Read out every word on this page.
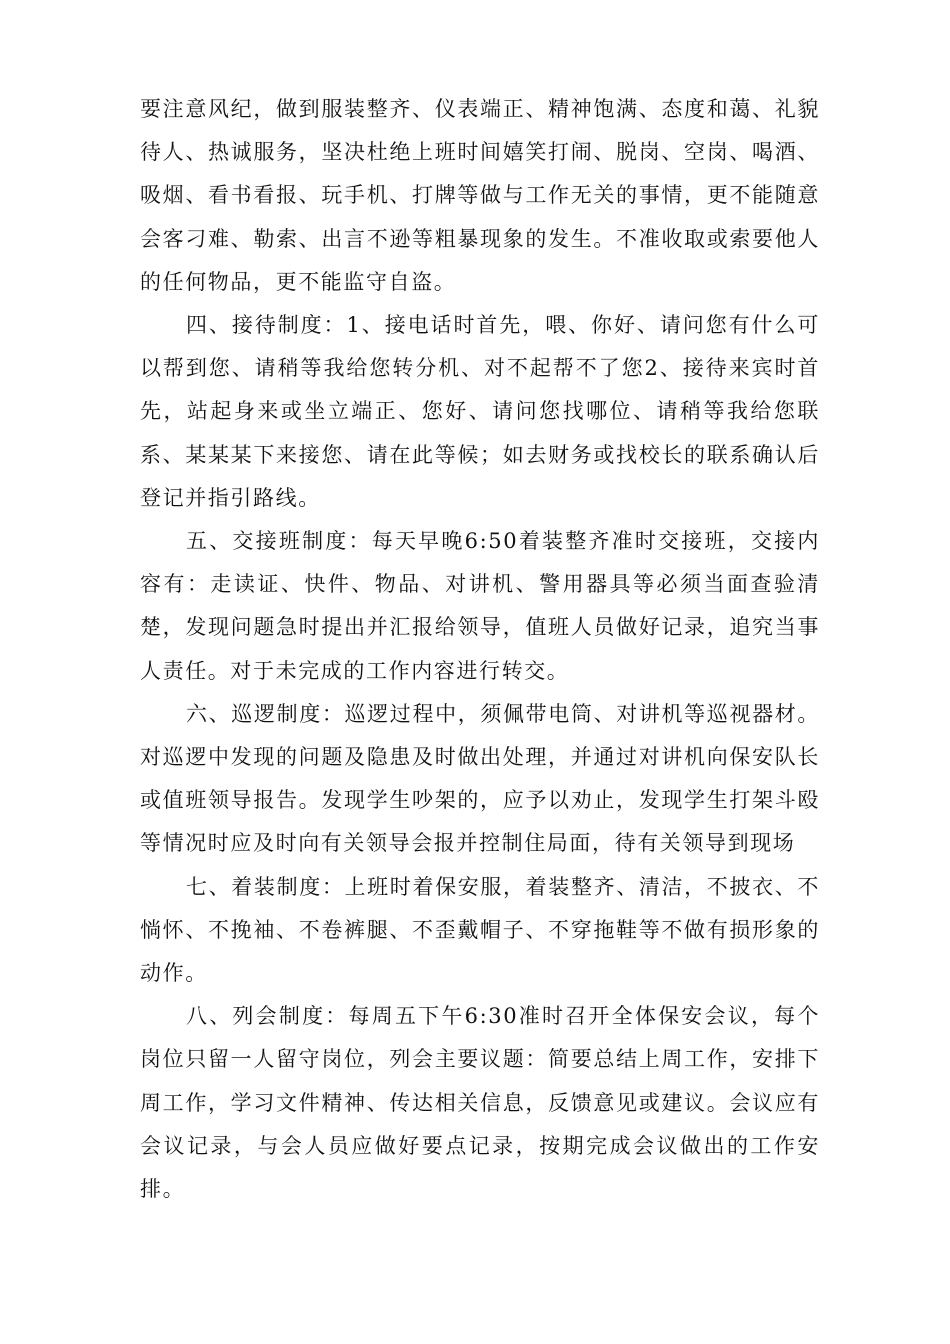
要注意风纪，做到服装整齐、仪表端正、精神饱满、态度和蔼、礼貌待人、热诚服务，坚决杜绝上班时间嬉笑打闹、脱岗、空岗、喝酒、吸烟、看书看报、玩手机、打牌等做与工作无关的事情，更不能随意会客刁难、勒索、出言不逊等粗暴现象的发生。不准收取或索要他人的任何物品，更不能监守自盗。

四、接待制度：1、接电话时首先，喂、你好、请问您有什么可以帮到您、请稍等我给您转分机、对不起帮不了您2、接待来宾时首先，站起身来或坐立端正、您好、请问您找哪位、请稍等我给您联系、某某某下来接您、请在此等候；如去财务或找校长的联系确认后登记并指引路线。

五、交接班制度：每天早晚6:50着装整齐准时交接班，交接内容有：走读证、快件、物品、对讲机、警用器具等必须当面查验清楚，发现问题急时提出并汇报给领导，值班人员做好记录，追究当事人责任。对于未完成的工作内容进行转交。

六、巡逻制度：巡逻过程中，须佩带电筒、对讲机等巡视器材。对巡逻中发现的问题及隐患及时做出处理，并通过对讲机向保安队长或值班领导报告。发现学生吵架的，应予以劝止，发现学生打架斗殴等情况时应及时向有关领导会报并控制住局面，待有关领导到现场

七、着装制度：上班时着保安服，着装整齐、清洁，不披衣、不惝怀、不挽袖、不卷裤腿、不歪戴帽子、不穿拖鞋等不做有损形象的动作。

八、列会制度：每周五下午6:30准时召开全体保安会议，每个岗位只留一人留守岗位，列会主要议题：简要总结上周工作，安排下周工作，学习文件精神、传达相关信息，反馈意见或建议。会议应有会议记录，与会人员应做好要点记录，按期完成会议做出的工作安排。
